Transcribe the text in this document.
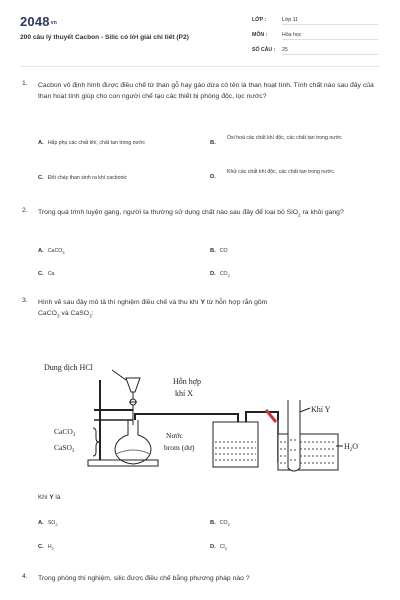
2048vn
200 câu lý thuyết Cacbon - Silic có lời giải chi tiết (P2)
LỚP :	Lớp 11
MÔN :	Hóa học
SỐ CÂU : 25
1. Cacbon vô định hình được điều chế từ than gỗ hay gáo dừa có tên là than hoạt tính. Tính chất nào sau đây của than hoạt tính giúp cho con người chế tạo các thiết bị phòng độc, lọc nước?
A. Hấp phụ các chất khí, chất tan trong nước	B.
Oxi hoá các chất khí độc, các chất tan trong nước
C. Đốt cháy than sinh ra khí cacbonic	D.
Khử các chất khí độc, các chất tan trong nước.
2. Trong quá trình luyện gang, người ta thường sử dụng chất nào sau đây để loại bỏ SiO$_2$ ra khỏi gang?
A. CaCO$_3$	B. CO
C. Ca	D. $CO_2$
3. Hình vẽ sau đây mô tả thí nghiệm điều chế và thu khí Y từ hỗn hợp rắn gồm
CaCO$_3$ và CaSO$_3$:
Dung dịch HCl
Hỗn hợp
khí X
CaCO$_3$
CaSO$_3$
Nước
brom (dư)
Khí Y
$H_2O$
Khí Y là
A. $SO_2$	B. $CO_2$
C. $H_2$	D. $Cl_2$
4. Trong phòng thí nghiệm, silic được điều chế bằng phương pháp nào ?
